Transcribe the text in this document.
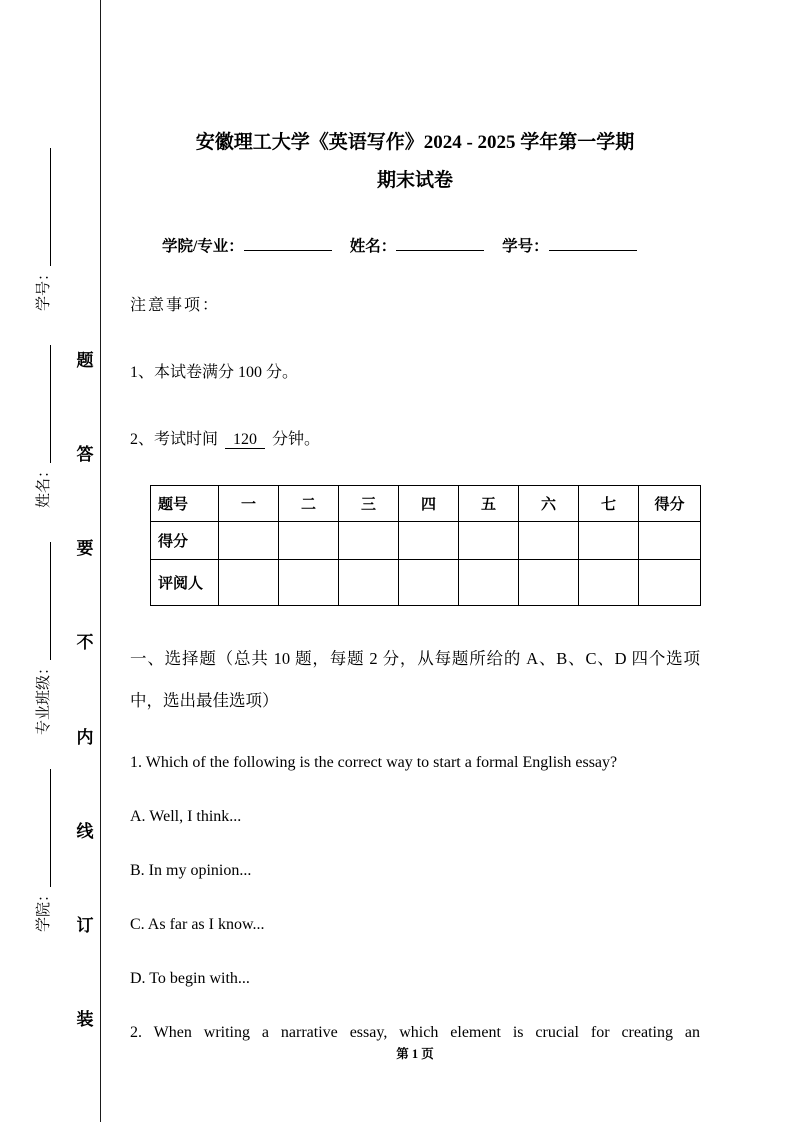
学院：
专业班级：
姓名：
学号：
题
答
要
不
内
线
订
装
安徽理工大学《英语写作》2024 - 2025 学年第一学期
期末试卷
学院/专业：	姓名：	学号：
注意事项：
1、本试卷满分 100 分。
2、考试时间 120 分钟。
题号	一	二	三	四	五	六	七	得分
得分								
评阅人								
一、选择题（总共 10 题，每题 2 分，从每题所给的 A、B、C、D 四个选项中，选出最佳选项）
1. Which of the following is the correct way to start a formal English essay?
A. Well, I think...
B. In my opinion...
C. As far as I know...
D. To begin with...
2. When writing a narrative essay, which element is crucial for creating an
第 1 页
